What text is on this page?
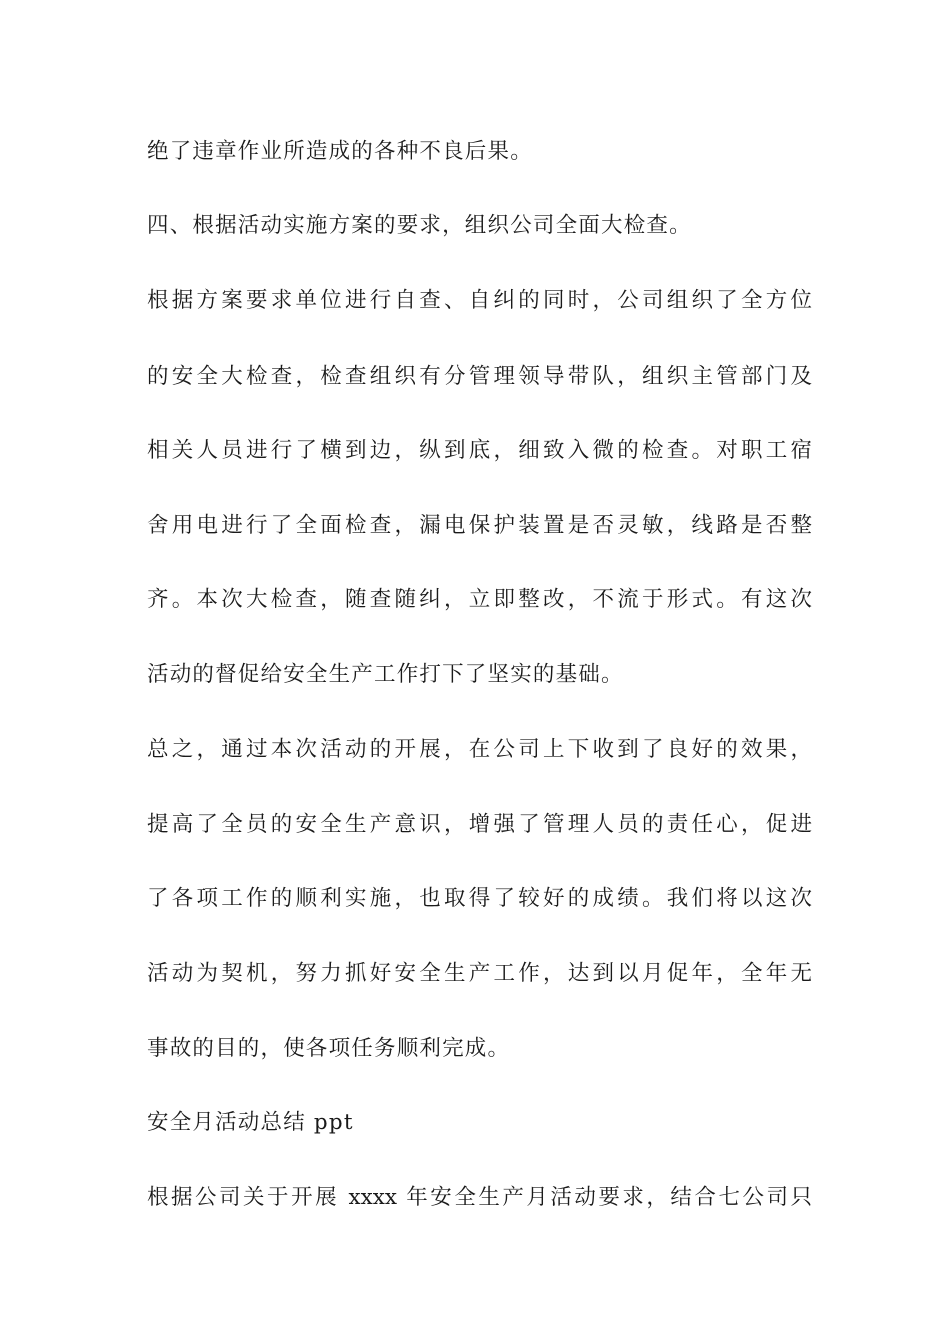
绝了违章作业所造成的各种不良后果。

四、根据活动实施方案的要求，组织公司全面大检查。

根据方案要求单位进行自查、自纠的同时，公司组织了全方位

的安全大检查，检查组织有分管理领导带队，组织主管部门及

相关人员进行了横到边，纵到底，细致入微的检查。对职工宿

舍用电进行了全面检查，漏电保护装置是否灵敏，线路是否整

齐。本次大检查，随查随纠，立即整改，不流于形式。有这次

活动的督促给安全生产工作打下了坚实的基础。

总之，通过本次活动的开展，在公司上下收到了良好的效果，

提高了全员的安全生产意识，增强了管理人员的责任心，促进

了各项工作的顺利实施，也取得了较好的成绩。我们将以这次

活动为契机，努力抓好安全生产工作，达到以月促年，全年无

事故的目的，使各项任务顺利完成。

安全月活动总结 ppt

根据公司关于开展 xxxx 年安全生产月活动要求，结合七公司只
